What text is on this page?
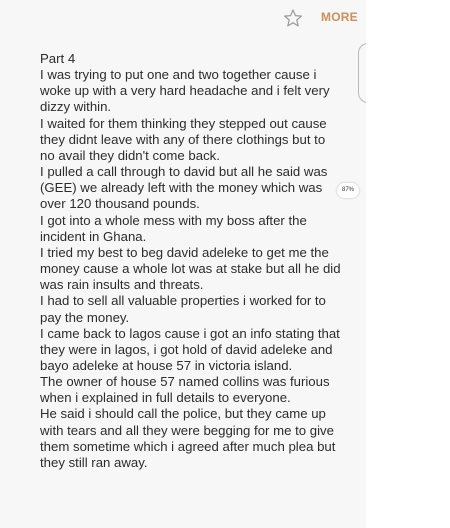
MORE
Part 4
I was trying to put one and two together cause i
woke up with a very hard headache and i felt very
dizzy within.
I waited for them thinking they stepped out cause
they didnt leave with any of there clothings but to
no avail they didn't come back.
I pulled a call through to david but all he said was
(GEE) we already left with the money which was
over 120 thousand pounds.
I got into a whole mess with my boss after the
incident in Ghana.
I tried my best to beg david adeleke to get me the
money cause a whole lot was at stake but all he did
was rain insults and threats.
I had to sell all valuable properties i worked for to
pay the money.
I came back to lagos cause i got an info stating that
they were in lagos, i got hold of david adeleke and
bayo adeleke at house 57 in victoria island.
The owner of house 57 named collins was furious
when i explained in full details to everyone.
He said i should call the police, but they came up
with tears and all they were begging for me to give
them sometime which i agreed after much plea but
they still ran away.
87%
